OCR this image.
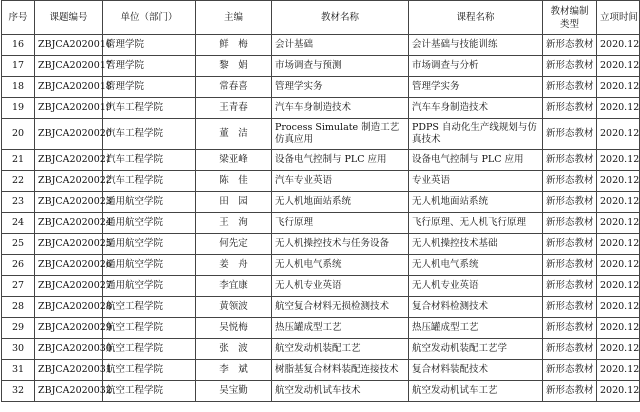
序号	课题编号	单位（部门）	主编	教材名称	课程名称	教材编制类型	立项时间
16	ZBJCA2020016	管理学院	鲜　梅	会计基础	会计基础与技能训练	新形态教材	2020.12
17	ZBJCA2020017	管理学院	黎　娟	市场调查与预测	市场调查与分析	新形态教材	2020.12
18	ZBJCA2020018	管理学院	常春喜	管理学实务	管理学实务	新形态教材	2020.12
19	ZBJCA2020019	汽车工程学院	王青春	汽车车身制造技术	汽车车身制造技术	新形态教材	2020.12
20	ZBJCA2020020	汽车工程学院	董　洁	Process Simulate 制造工艺仿真应用	PDPS 自动化生产线规划与仿真技术	新形态教材	2020.12
21	ZBJCA2020021	汽车工程学院	梁亚峰	设备电气控制与 PLC 应用	设备电气控制与 PLC 应用	新形态教材	2020.12
22	ZBJCA2020022	汽车工程学院	陈　佳	汽车专业英语	专业英语	新形态教材	2020.12
23	ZBJCA2020023	通用航空学院	田　园	无人机地面站系统	无人机地面站系统	新形态教材	2020.12
24	ZBJCA2020024	通用航空学院	王　洵	飞行原理	飞行原理、无人机飞行原理	新形态教材	2020.12
25	ZBJCA2020025	通用航空学院	何先定	无人机操控技术与任务设备	无人机操控技术基础	新形态教材	2020.12
26	ZBJCA2020026	通用航空学院	姜　舟	无人机电气系统	无人机电气系统	新形态教材	2020.12
27	ZBJCA2020027	通用航空学院	李宜康	无人机专业英语	无人机专业英语	新形态教材	2020.12
28	ZBJCA2020028	航空工程学院	黄领波	航空复合材料无损检测技术	复合材料检测技术	新形态教材	2020.12
29	ZBJCA2020029	航空工程学院	吴悦梅	热压罐成型工艺	热压罐成型工艺	新形态教材	2020.12
30	ZBJCA2020030	航空工程学院	张　波	航空发动机装配工艺	航空发动机装配工艺学	新形态教材	2020.12
31	ZBJCA2020031	航空工程学院	李　斌	树脂基复合材料装配连接技术	复合材料装配技术	新形态教材	2020.12
32	ZBJCA2020032	航空工程学院	吴宝勤	航空发动机试车技术	航空发动机试车工艺	新形态教材	2020.12
